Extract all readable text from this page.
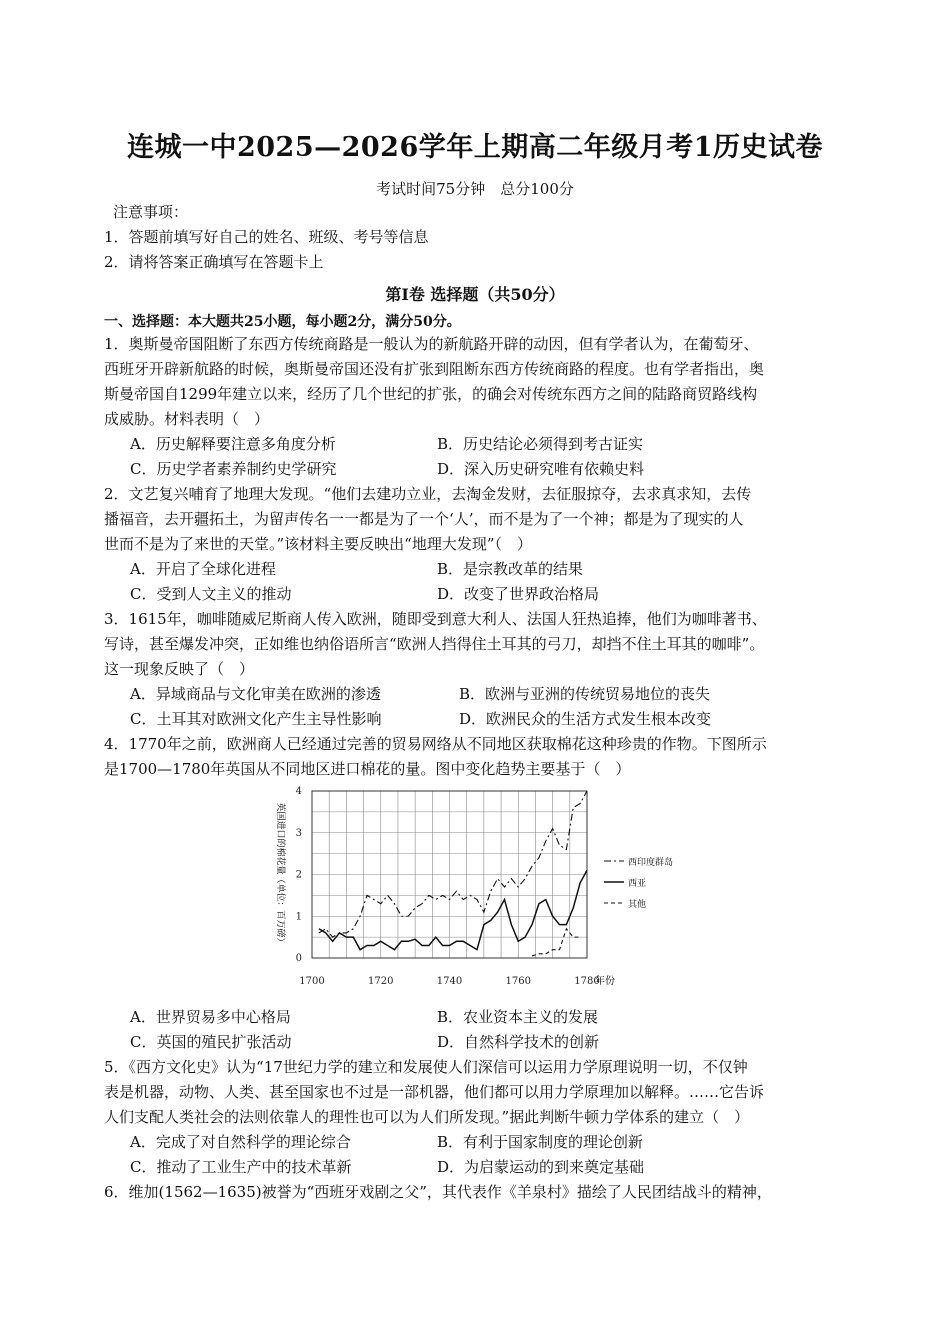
连城一中2025—2026学年上期高二年级月考1历史试卷
考试时间75分钟　总分100分
注意事项：
1．答题前填写好自己的姓名、班级、考号等信息
2．请将答案正确填写在答题卡上
第I卷 选择题（共50分）
一、选择题：本大题共25小题，每小题2分，满分50分。
1．奥斯曼帝国阻断了东西方传统商路是一般认为的新航路开辟的动因，但有学者认为，在葡萄牙、
西班牙开辟新航路的时候，奥斯曼帝国还没有扩张到阻断东西方传统商路的程度。也有学者指出，奥
斯曼帝国自1299年建立以来，经历了几个世纪的扩张，的确会对传统东西方之间的陆路商贸路线构
成威胁。材料表明（　）
A．历史解释要注意多角度分析	B．历史结论必须得到考古证实
C．历史学者素养制约史学研究	D．深入历史研究唯有依赖史料
2．文艺复兴哺育了地理大发现。“他们去建功立业，去淘金发财，去征服掠夺，去求真求知，去传
播福音，去开疆拓土，为留声传名一一都是为了一个‘人’，而不是为了一个神；都是为了现实的人
世而不是为了来世的天堂。”该材料主要反映出“地理大发现”（　）
A．开启了全球化进程	B．是宗教改革的结果
C．受到人文主义的推动	D．改变了世界政治格局
3．1615年，咖啡随威尼斯商人传入欧洲，随即受到意大利人、法国人狂热追捧，他们为咖啡著书、
写诗，甚至爆发冲突，正如维也纳俗语所言“欧洲人挡得住土耳其的弓刀，却挡不住土耳其的咖啡”。
这一现象反映了（　）
A．异域商品与文化审美在欧洲的渗透	B．欧洲与亚洲的传统贸易地位的丧失
C．土耳其对欧洲文化产生主导性影响	D．欧洲民众的生活方式发生根本改变
4．1770年之前，欧洲商人已经通过完善的贸易网络从不同地区获取棉花这种珍贵的作物。下图所示
是1700—1780年英国从不同地区进口棉花的量。图中变化趋势主要基于（　）
1700	1720	1740	1760	1780
0
1
2
3
4
西印度群岛
西亚
其他
英国进口的棉花量（单位：百万磅）
年份
A．世界贸易多中心格局	B．农业资本主义的发展
C．英国的殖民扩张活动	D．自然科学技术的创新
5．《西方文化史》认为“17世纪力学的建立和发展使人们深信可以运用力学原理说明一切，不仅钟
表是机器，动物、人类、甚至国家也不过是一部机器，他们都可以用力学原理加以解释。……它告诉
人们支配人类社会的法则依靠人的理性也可以为人们所发现。”据此判断牛顿力学体系的建立（　）
A．完成了对自然科学的理论综合	B．有利于国家制度的理论创新
C．推动了工业生产中的技术革新	D．为启蒙运动的到来奠定基础
6．维加(1562—1635)被誉为“西班牙戏剧之父”，其代表作《羊泉村》描绘了人民团结战斗的精神，
